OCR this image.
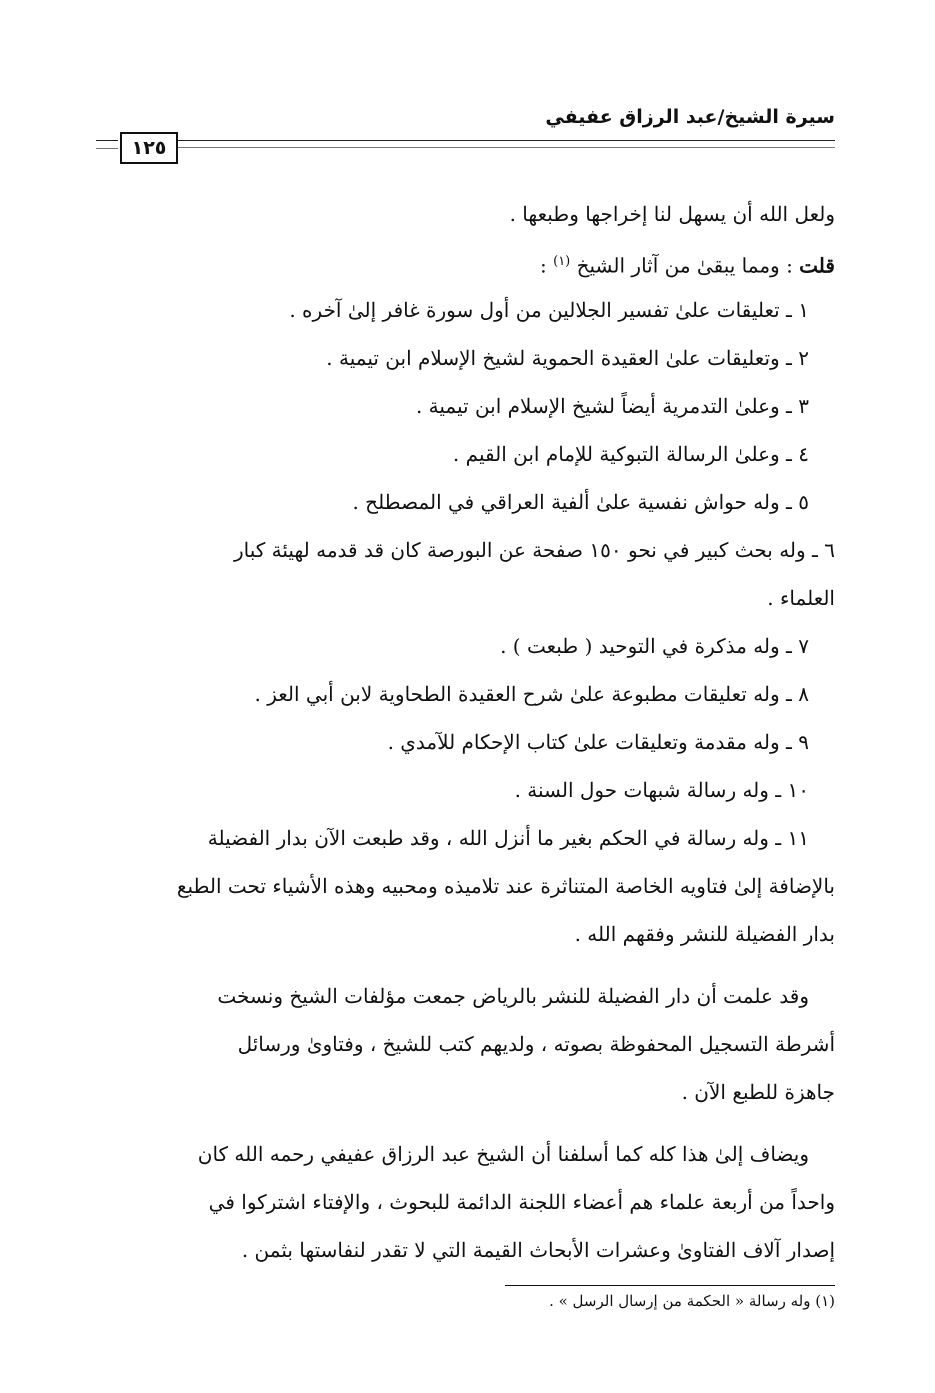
سيرة الشيخ/عبد الرزاق عفيفي
١٢٥
ولعل الله أن يسهل لنا إخراجها وطبعها .
قلت : ومما يبقىٰ من آثار الشيخ $^{(١)}$ :
١ ـ تعليقات علىٰ تفسير الجلالين من أول سورة غافر إلىٰ آخره .
٢ ـ وتعليقات علىٰ العقيدة الحموية لشيخ الإسلام ابن تيمية .
٣ ـ وعلىٰ التدمرية أيضاً لشيخ الإسلام ابن تيمية .
٤ ـ وعلىٰ الرسالة التبوكية للإمام ابن القيم .
٥ ـ وله حواش نفسية علىٰ ألفية العراقي في المصطلح .
٦ ـ وله بحث كبير في نحو ١٥٠ صفحة عن البورصة كان قد قدمه لهيئة كبار
العلماء .
٧ ـ وله مذكرة في التوحيد ( طبعت ) .
٨ ـ وله تعليقات مطبوعة علىٰ شرح العقيدة الطحاوية لابن أبي العز .
٩ ـ وله مقدمة وتعليقات علىٰ كتاب الإحكام للآمدي .
١٠ ـ وله رسالة شبهات حول السنة .
١١ ـ وله رسالة في الحكم بغير ما أنزل الله ، وقد طبعت الآن بدار الفضيلة
بالإضافة إلىٰ فتاويه الخاصة المتناثرة عند تلاميذه ومحبيه وهذه الأشياء تحت الطبع
بدار الفضيلة للنشر وفقهم الله .
وقد علمت أن دار الفضيلة للنشر بالرياض جمعت مؤلفات الشيخ ونسخت
أشرطة التسجيل المحفوظة بصوته ، ولديهم كتب للشيخ ، وفتاوىٰ ورسائل
جاهزة للطبع الآن .
ويضاف إلىٰ هذا كله كما أسلفنا أن الشيخ عبد الرزاق عفيفي رحمه الله كان
واحداً من أربعة علماء هم أعضاء اللجنة الدائمة للبحوث ، والإفتاء اشتركوا في
إصدار آلاف الفتاوىٰ وعشرات الأبحاث القيمة التي لا تقدر لنفاستها بثمن .
(١) وله رسالة « الحكمة من إرسال الرسل » .
